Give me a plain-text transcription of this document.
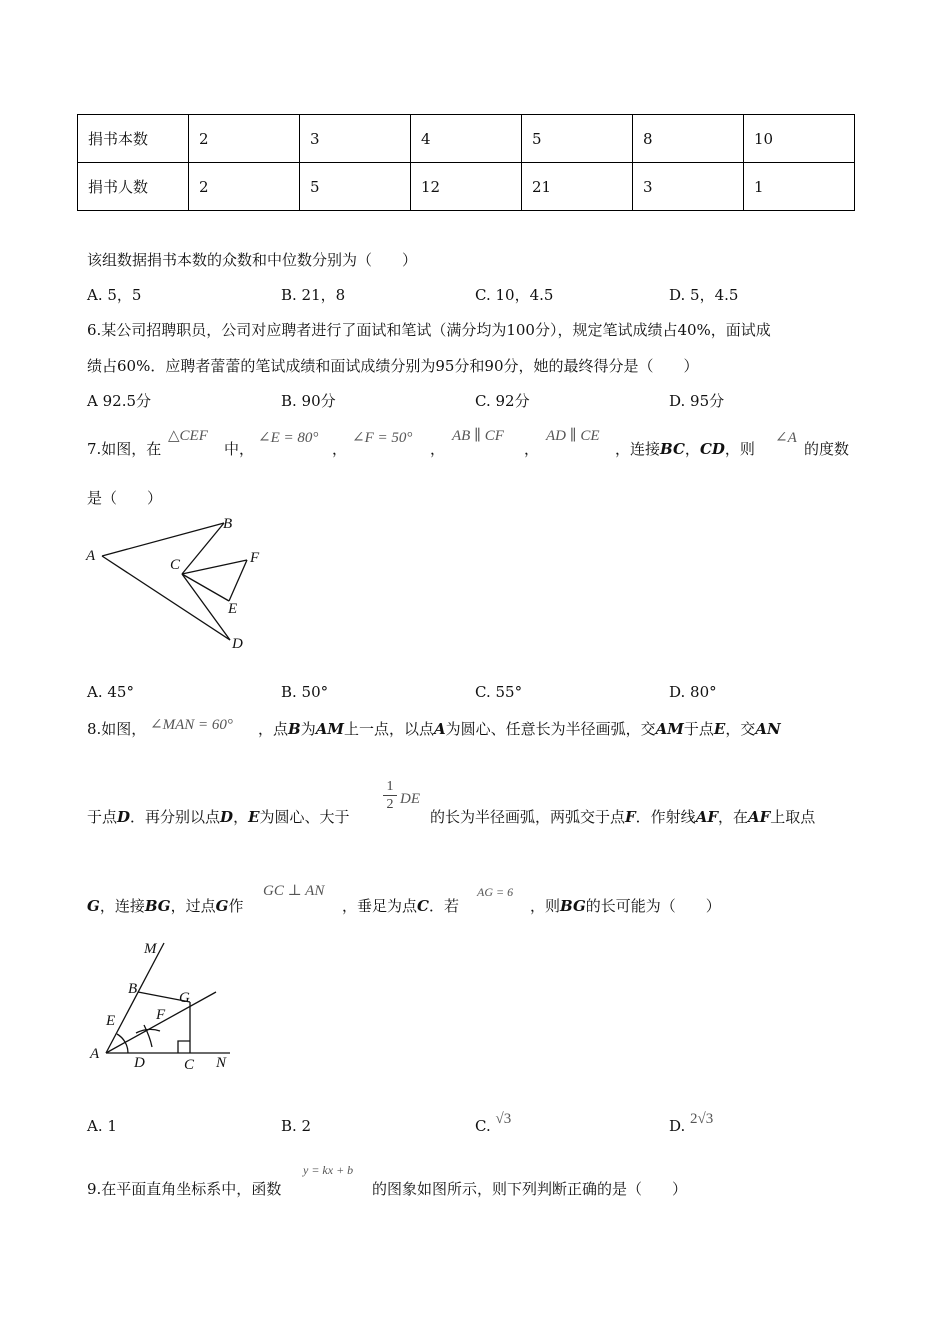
捐书本数	2	3	4	5	8	10
捐书人数	2	5	12	21	3	1
该组数据捐书本数的众数和中位数分别为（　　）
A. 5，5	B. 21，8	C. 10，4.5	D. 5，4.5
6.某公司招聘职员，公司对应聘者进行了面试和笔试（满分均为100分），规定笔试成绩占40%，面试成
绩占60%．应聘者蕾蕾的笔试成绩和面试成绩分别为95分和90分，她的最终得分是（　　）
A 92.5分	B. 90分	C. 92分	D. 95分
7.如图，在
△CEF
中，
∠E = 80°
，
∠F = 50°
，
AB ∥ CF
，
AD ∥ CE
，连接BC，CD，则
∠A
的度数
是（　　）
A
B
C	F
E
D
A. 45°	B. 50°	C. 55°	D. 80°
8.如图， ∠MAN = 60° ，点B为AM上一点，以点A为圆心、任意长为半径画弧，交AM于点E，交AN
于点D．再分别以点D，E为圆心、大于
1
2 DE
的长为半径画弧，两弧交于点F．作射线AF，在AF上取点
G，连接BG，过点G作
GC ⊥ AN
，垂足为点C．若
AG = 6
，则BG的长可能为（　　）
M
B
G
E	F
A
D	C N
A. 1	B. 2	C. √3	D. 2√3
9.在平面直角坐标系中，函数
y = kx + b
的图象如图所示，则下列判断正确的是（　　）
